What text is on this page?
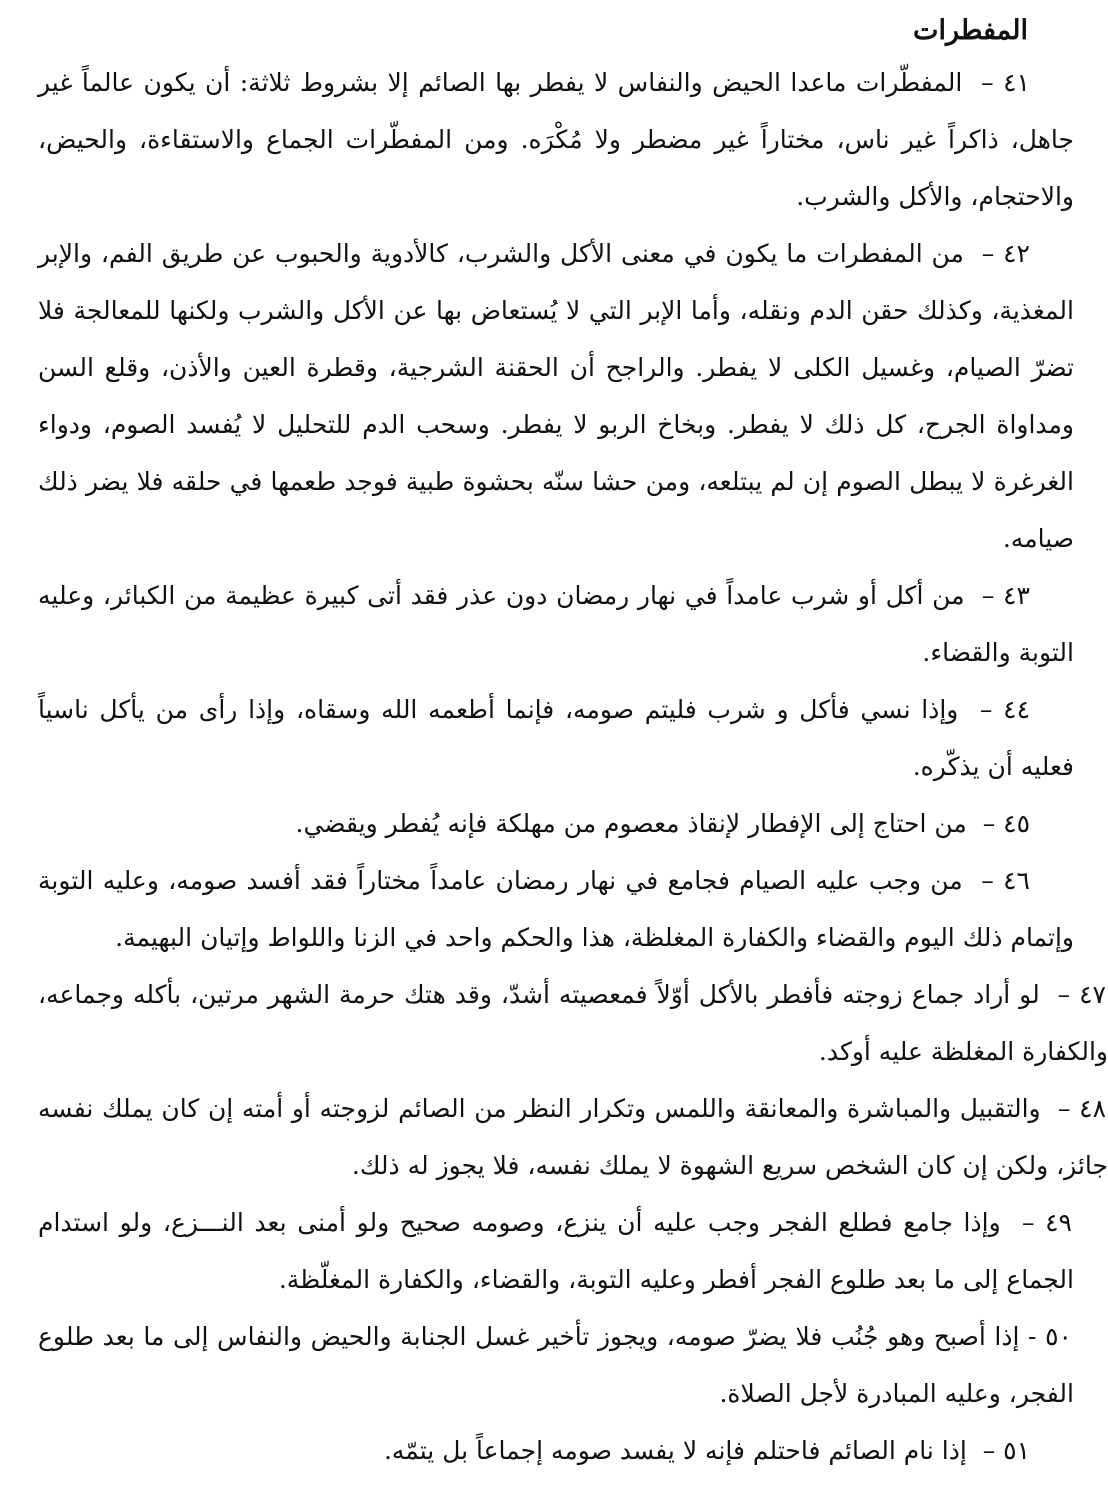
المفطرات

٤١ –  المفطّرات ماعدا الحيض والنفاس لا يفطر بها الصائم إلا بشروط ثلاثة: أن يكون عالماً غير جاهل، ذاكراً غير ناس، مختاراً غير مضطر ولا مُكْرَه. ومن المفطّرات الجماع والاستقاءة، والحيض، والاحتجام، والأكل والشرب.

٤٢ –  من المفطرات ما يكون في معنى الأكل والشرب، كالأدوية والحبوب عن طريق الفم، والإبر المغذية، وكذلك حقن الدم ونقله، وأما الإبر التي لا يُستعاض بها عن الأكل والشرب ولكنها للمعالجة فلا تضرّ الصيام، وغسيل الكلى لا يفطر. والراجح أن الحقنة الشرجية، وقطرة العين والأذن، وقلع السن ومداواة الجرح، كل ذلك لا يفطر. وبخاخ الربو لا يفطر. وسحب الدم للتحليل لا يُفسد الصوم، ودواء الغرغرة لا يبطل الصوم إن لم يبتلعه، ومن حشا سنّه بحشوة طبية فوجد طعمها في حلقه فلا يضر ذلك صيامه.

٤٣ –  من أكل أو شرب عامداً في نهار رمضان دون عذر فقد أتى كبيرة عظيمة من الكبائر، وعليه التوبة والقضاء.

٤٤ –  وإذا نسي فأكل و شرب فليتم صومه، فإنما أطعمه الله وسقاه، وإذا رأى من يأكل ناسياً فعليه أن يذكّره.

٤٥ –  من احتاج إلى الإفطار لإنقاذ معصوم من مهلكة فإنه يُفطر ويقضي.

٤٦ –  من وجب عليه الصيام فجامع في نهار رمضان عامداً مختاراً فقد أفسد صومه، وعليه التوبة وإتمام ذلك اليوم والقضاء والكفارة المغلظة، هذا والحكم واحد في الزنا واللواط وإتيان البهيمة.

٤٧ –  لو أراد جماع زوجته فأفطر بالأكل أوّلاً فمعصيته أشدّ، وقد هتك حرمة الشهر مرتين، بأكله وجماعه، والكفارة المغلظة عليه أوكد.

٤٨ –  والتقبيل والمباشرة والمعانقة واللمس وتكرار النظر من الصائم لزوجته أو أمته إن كان يملك نفسه جائز، ولكن إن كان الشخص سريع الشهوة لا يملك نفسه، فلا يجوز له ذلك.

٤٩ –  وإذا جامع فطلع الفجر وجب عليه أن ينزع، وصومه صحيح ولو أمنى بعد النـــزع، ولو استدام الجماع إلى ما بعد طلوع الفجر أفطر وعليه التوبة، والقضاء، والكفارة المغلّظة.

٥٠ - إذا أصبح وهو جُنُب فلا يضرّ صومه، ويجوز تأخير غسل الجنابة والحيض والنفاس إلى ما بعد طلوع الفجر، وعليه المبادرة لأجل الصلاة.

٥١ –  إذا نام الصائم فاحتلم فإنه لا يفسد صومه إجماعاً بل يتمّه.
